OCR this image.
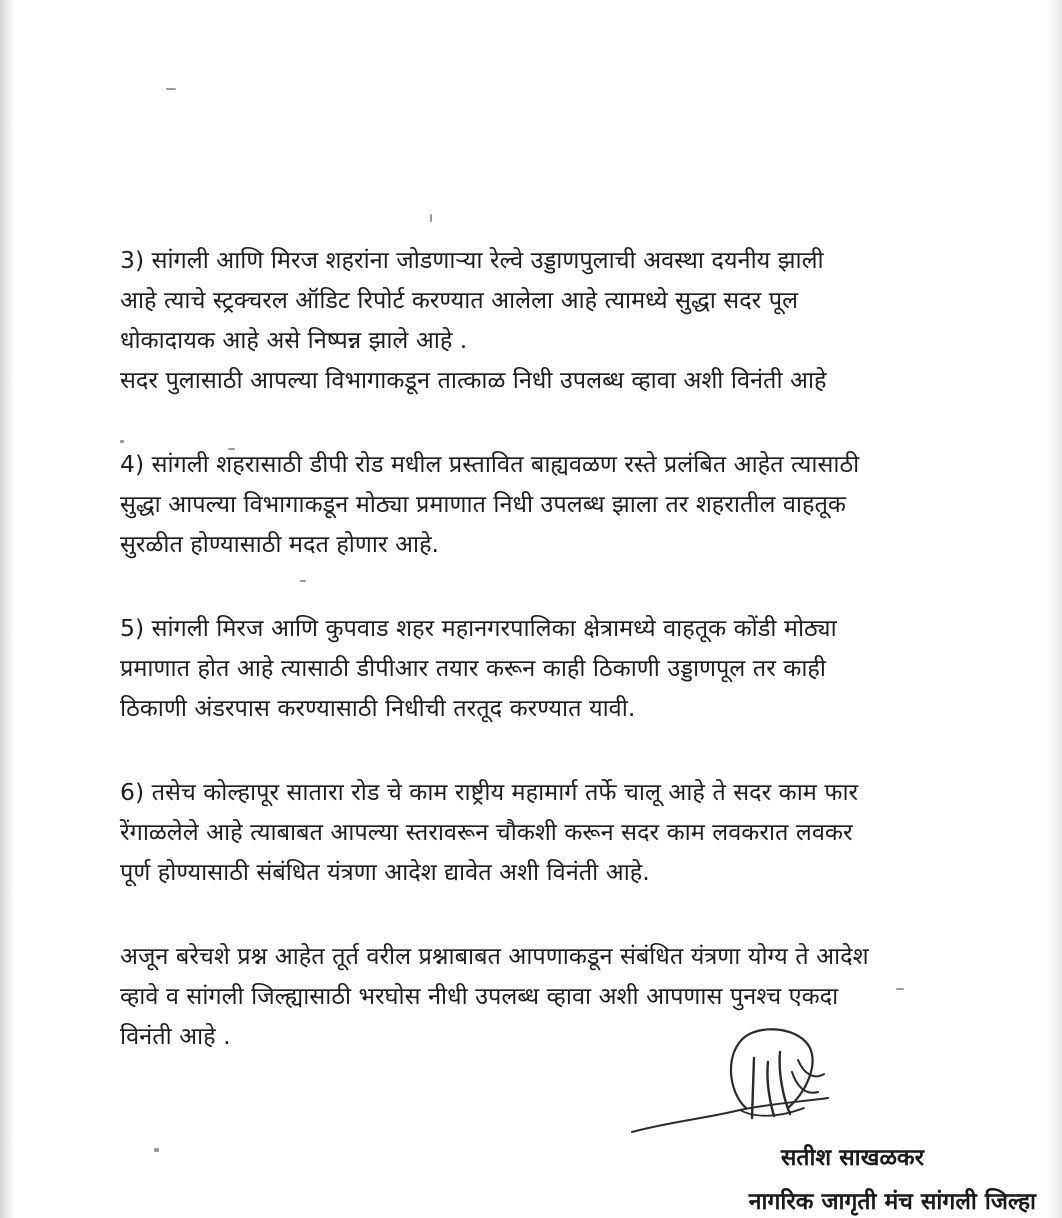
3) सांगली आणि मिरज शहरांना जोडणाऱ्या रेल्वे उड्डाणपुलाची अवस्था दयनीय झाली
आहे त्याचे स्ट्रक्चरल ऑडिट रिपोर्ट करण्यात आलेला आहे त्यामध्ये सुद्धा सदर पूल
धोकादायक आहे असे निष्पन्न झाले आहे .
सदर पुलासाठी आपल्या विभागाकडून तात्काळ निधी उपलब्ध व्हावा अशी विनंती आहे
4) सांगली शहरासाठी डीपी रोड मधील प्रस्तावित बाह्यवळण रस्ते प्रलंबित आहेत त्यासाठी
सुद्धा आपल्या विभागाकडून मोठ्या प्रमाणात निधी उपलब्ध झाला तर शहरातील वाहतूक
सुरळीत होण्यासाठी मदत होणार आहे.
5) सांगली मिरज आणि कुपवाड शहर महानगरपालिका क्षेत्रामध्ये वाहतूक कोंडी मोठ्या
प्रमाणात होत आहे त्यासाठी डीपीआर तयार करून काही ठिकाणी उड्डाणपूल तर काही
ठिकाणी अंडरपास करण्यासाठी निधीची तरतूद करण्यात यावी.
6) तसेच कोल्हापूर सातारा रोड चे काम राष्ट्रीय महामार्ग तर्फे चालू आहे ते सदर काम फार
रेंगाळलेले आहे त्याबाबत आपल्या स्तरावरून चौकशी करून सदर काम लवकरात लवकर
पूर्ण होण्यासाठी संबंधित यंत्रणा आदेश द्यावेत अशी विनंती आहे.
अजून बरेचशे प्रश्न आहेत तूर्त वरील प्रश्नाबाबत आपणाकडून संबंधित यंत्रणा योग्य ते आदेश
व्हावे व सांगली जिल्ह्यासाठी भरघोस नीधी उपलब्ध व्हावा अशी आपणास पुनश्च एकदा
विनंती आहे .
सतीश साखळकर
नागरिक जागृती मंच सांगली जिल्हा
